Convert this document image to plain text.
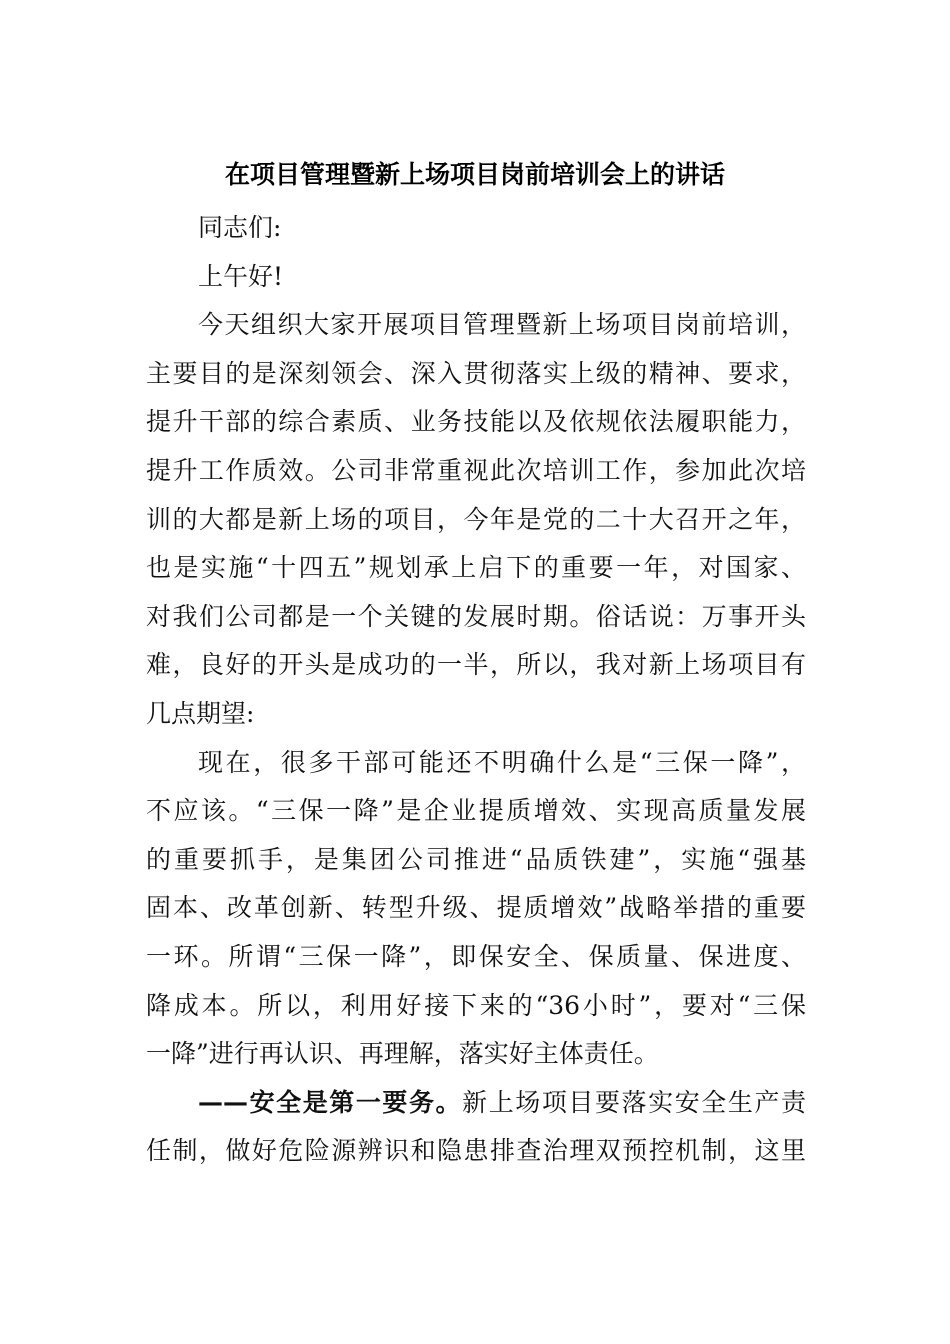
在项目管理暨新上场项目岗前培训会上的讲话
同志们:
上午好!
今天组织大家开展项目管理暨新上场项目岗前培训，
主要目的是深刻领会、深入贯彻落实上级的精神、要求，
提升干部的综合素质、业务技能以及依规依法履职能力，
提升工作质效。公司非常重视此次培训工作，参加此次培
训的大都是新上场的项目，今年是党的二十大召开之年，
也是实施“十四五”规划承上启下的重要一年，对国家、
对我们公司都是一个关键的发展时期。俗话说：万事开头
难，良好的开头是成功的一半，所以，我对新上场项目有
几点期望:
现在，很多干部可能还不明确什么是“三保一降”，
不应该。“三保一降”是企业提质增效、实现高质量发展
的重要抓手，是集团公司推进“品质铁建”，实施“强基
固本、改革创新、转型升级、提质增效”战略举措的重要
一环。所谓“三保一降”，即保安全、保质量、保进度、
降成本。所以，利用好接下来的“36小时”，要对“三保
一降”进行再认识、再理解，落实好主体责任。
——安全是第一要务。新上场项目要落实安全生产责
任制，做好危险源辨识和隐患排查治理双预控机制，这里
